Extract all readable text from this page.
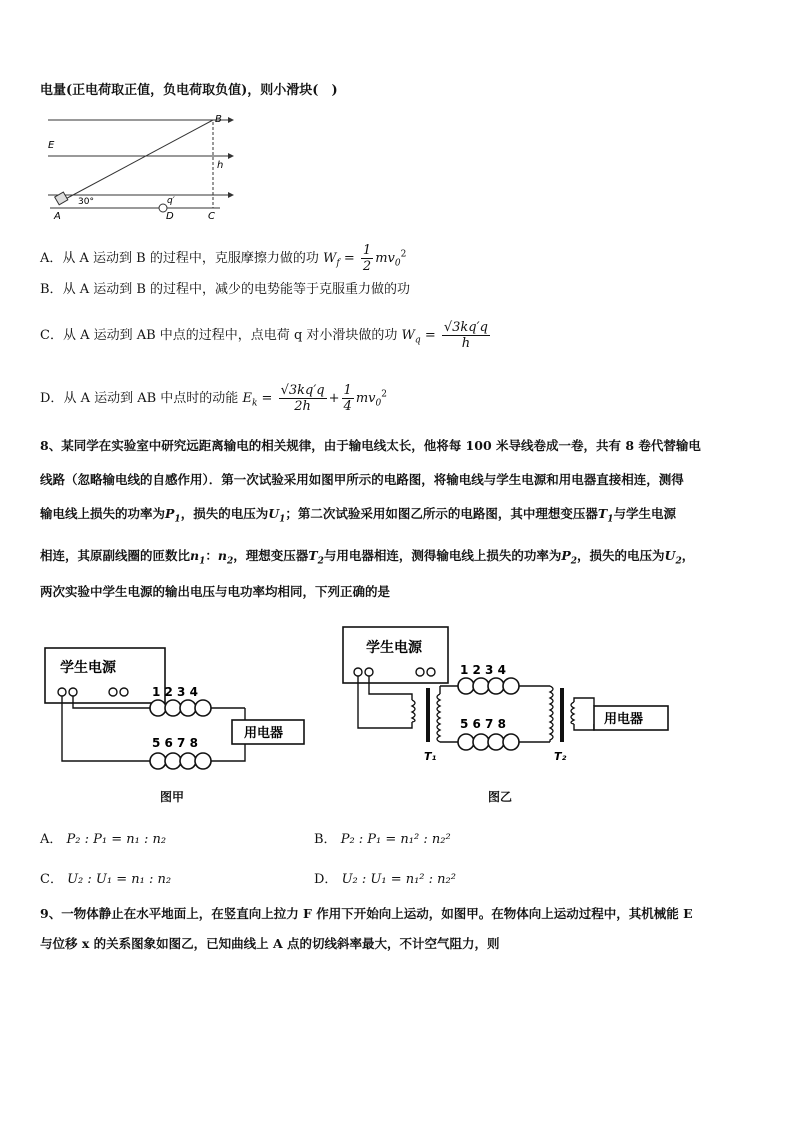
电量(正电荷取正值，负电荷取负值)，则小滑块(　)
B
E
h
30°
A	D	C
q′
A．从 A 运动到 B 的过程中，克服摩擦力做的功 $W_f = \frac{1}{2} mv_0^2$
B．从 A 运动到 B 的过程中，减少的电势能等于克服重力做的功
C．从 A 运动到 AB 中点的过程中，点电荷 q 对小滑块做的功 $W_q = \frac{√3kq'q}{h}$
D．从 A 运动到 AB 中点时的动能 $E_k = \frac{√3kq'q}{2h} + \frac{1}{4} mv_0^2$
8、某同学在实验室中研究远距离输电的相关规律，由于输电线太长，他将每 100 米导线卷成一卷，共有 8 卷代替输电
线路（忽略输电线的自感作用）．第一次试验采用如图甲所示的电路图，将输电线与学生电源和用电器直接相连，测得
输电线上损失的功率为$P_1$，损失的电压为$U_1$；第二次试验采用如图乙所示的电路图，其中理想变压器$T_1$与学生电源
相连，其原副线圈的匝数比$n_1$：$n_2$，理想变压器$T_2$与用电器相连，测得输电线上损失的功率为$P_2$，损失的电压为$U_2$，
两次实验中学生电源的输出电压与电功率均相同，下列正确的是
学生电源
1 2 3 4
5 6 7 8
用电器
图甲
学生电源
1 2 3 4
5 6 7 8	用电器
T₁	T₂
图乙
A． P₂ : P₁ = n₁ : n₂	B． P₂ : P₁ = n₁² : n₂²
C． U₂ : U₁ = n₁ : n₂	D． U₂ : U₁ = n₁² : n₂²
9、一物体静止在水平地面上，在竖直向上拉力 F 作用下开始向上运动，如图甲。在物体向上运动过程中，其机械能 E
与位移 x 的关系图象如图乙，已知曲线上 A 点的切线斜率最大，不计空气阻力，则
